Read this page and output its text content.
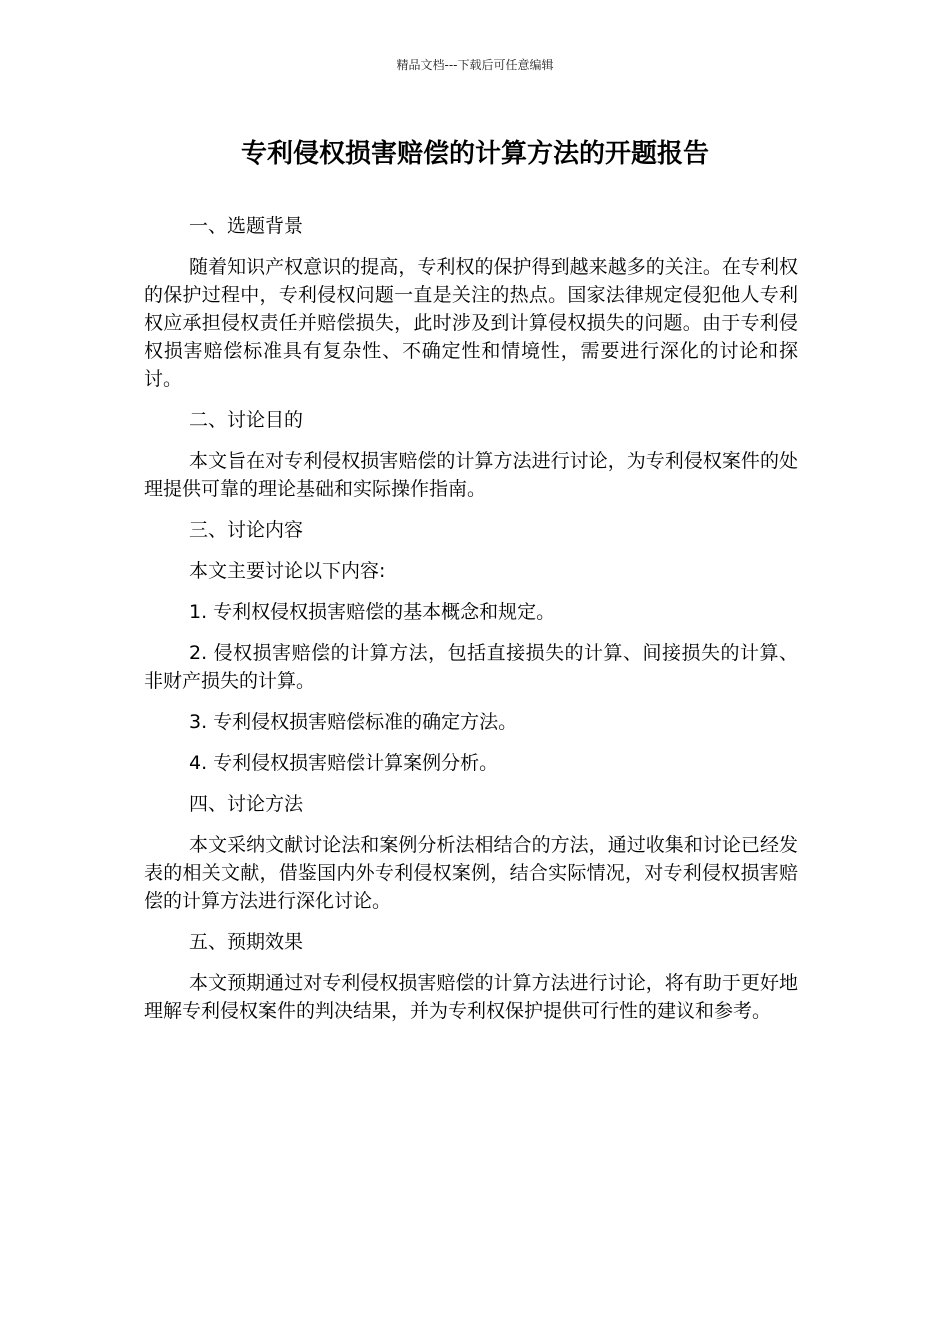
精品文档---下载后可任意编辑
专利侵权损害赔偿的计算方法的开题报告

一、选题背景

随着知识产权意识的提高，专利权的保护得到越来越多的关注。在专利权的保护过程中，专利侵权问题一直是关注的热点。国家法律规定侵犯他人专利权应承担侵权责任并赔偿损失，此时涉及到计算侵权损失的问题。由于专利侵权损害赔偿标准具有复杂性、不确定性和情境性，需要进行深化的讨论和探讨。

二、讨论目的

本文旨在对专利侵权损害赔偿的计算方法进行讨论，为专利侵权案件的处理提供可靠的理论基础和实际操作指南。

三、讨论内容

本文主要讨论以下内容:

1. 专利权侵权损害赔偿的基本概念和规定。

2. 侵权损害赔偿的计算方法，包括直接损失的计算、间接损失的计算、非财产损失的计算。

3. 专利侵权损害赔偿标准的确定方法。

4. 专利侵权损害赔偿计算案例分析。

四、讨论方法

本文采纳文献讨论法和案例分析法相结合的方法，通过收集和讨论已经发表的相关文献，借鉴国内外专利侵权案例，结合实际情况，对专利侵权损害赔偿的计算方法进行深化讨论。

五、预期效果

本文预期通过对专利侵权损害赔偿的计算方法进行讨论，将有助于更好地理解专利侵权案件的判决结果，并为专利权保护提供可行性的建议和参考。
